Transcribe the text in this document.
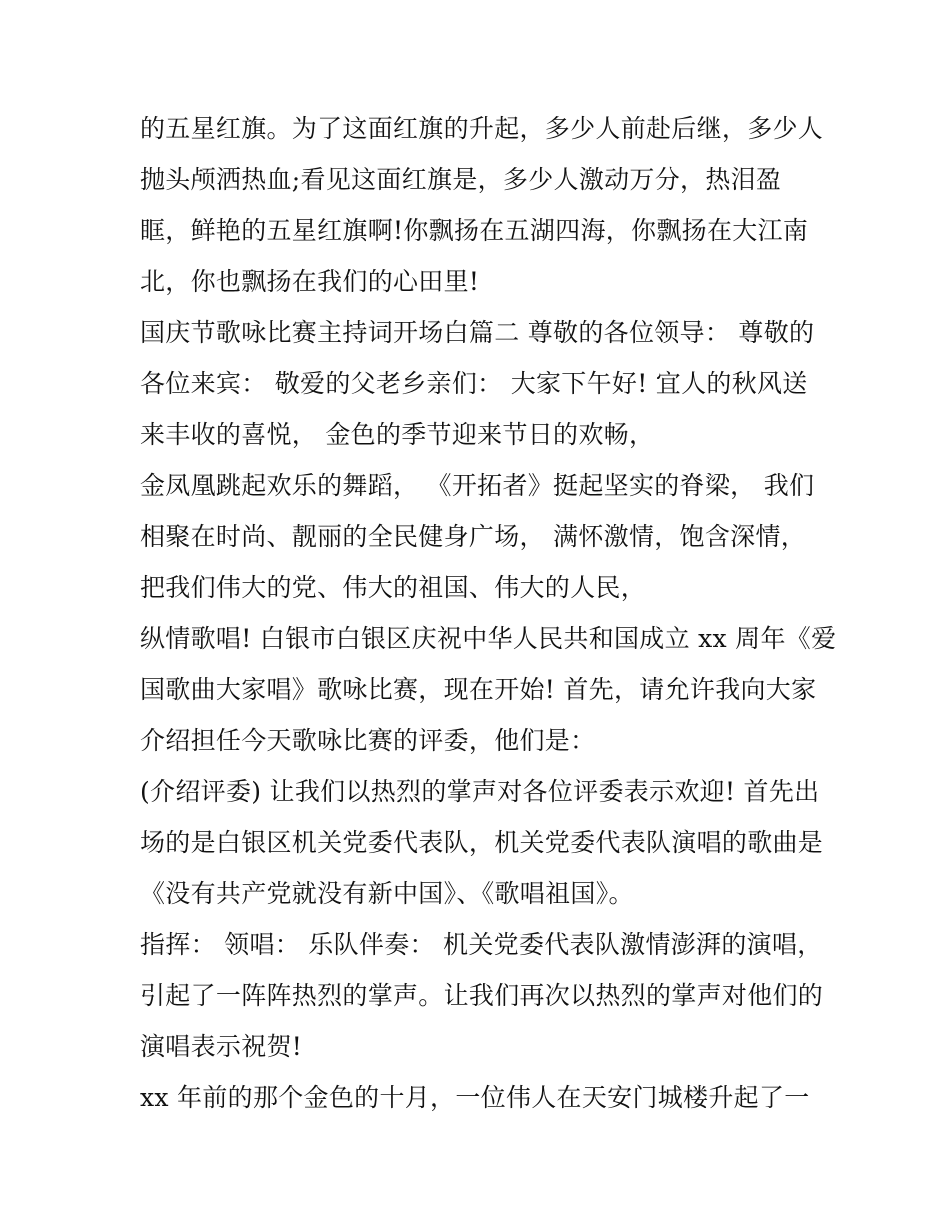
的五星红旗。为了这面红旗的升起，多少人前赴后继，多少人
抛头颅洒热血;看见这面红旗是，多少人激动万分，热泪盈
眶，鲜艳的五星红旗啊!你飘扬在五湖四海，你飘扬在大江南
北，你也飘扬在我们的心田里!
国庆节歌咏比赛主持词开场白篇二 尊敬的各位领导： 尊敬的
各位来宾： 敬爱的父老乡亲们： 大家下午好! 宜人的秋风送
来丰收的喜悦， 金色的季节迎来节日的欢畅，
金凤凰跳起欢乐的舞蹈， 《开拓者》挺起坚实的脊梁， 我们
相聚在时尚、靓丽的全民健身广场， 满怀激情，饱含深情，
把我们伟大的党、伟大的祖国、伟大的人民，
纵情歌唱! 白银市白银区庆祝中华人民共和国成立 xx 周年《爱
国歌曲大家唱》歌咏比赛，现在开始! 首先，请允许我向大家
介绍担任今天歌咏比赛的评委，他们是：
(介绍评委) 让我们以热烈的掌声对各位评委表示欢迎! 首先出
场的是白银区机关党委代表队，机关党委代表队演唱的歌曲是
《没有共产党就没有新中国》、《歌唱祖国》。
指挥： 领唱： 乐队伴奏： 机关党委代表队激情澎湃的演唱，
引起了一阵阵热烈的掌声。让我们再次以热烈的掌声对他们的
演唱表示祝贺!
xx 年前的那个金色的十月，一位伟人在天安门城楼升起了一
